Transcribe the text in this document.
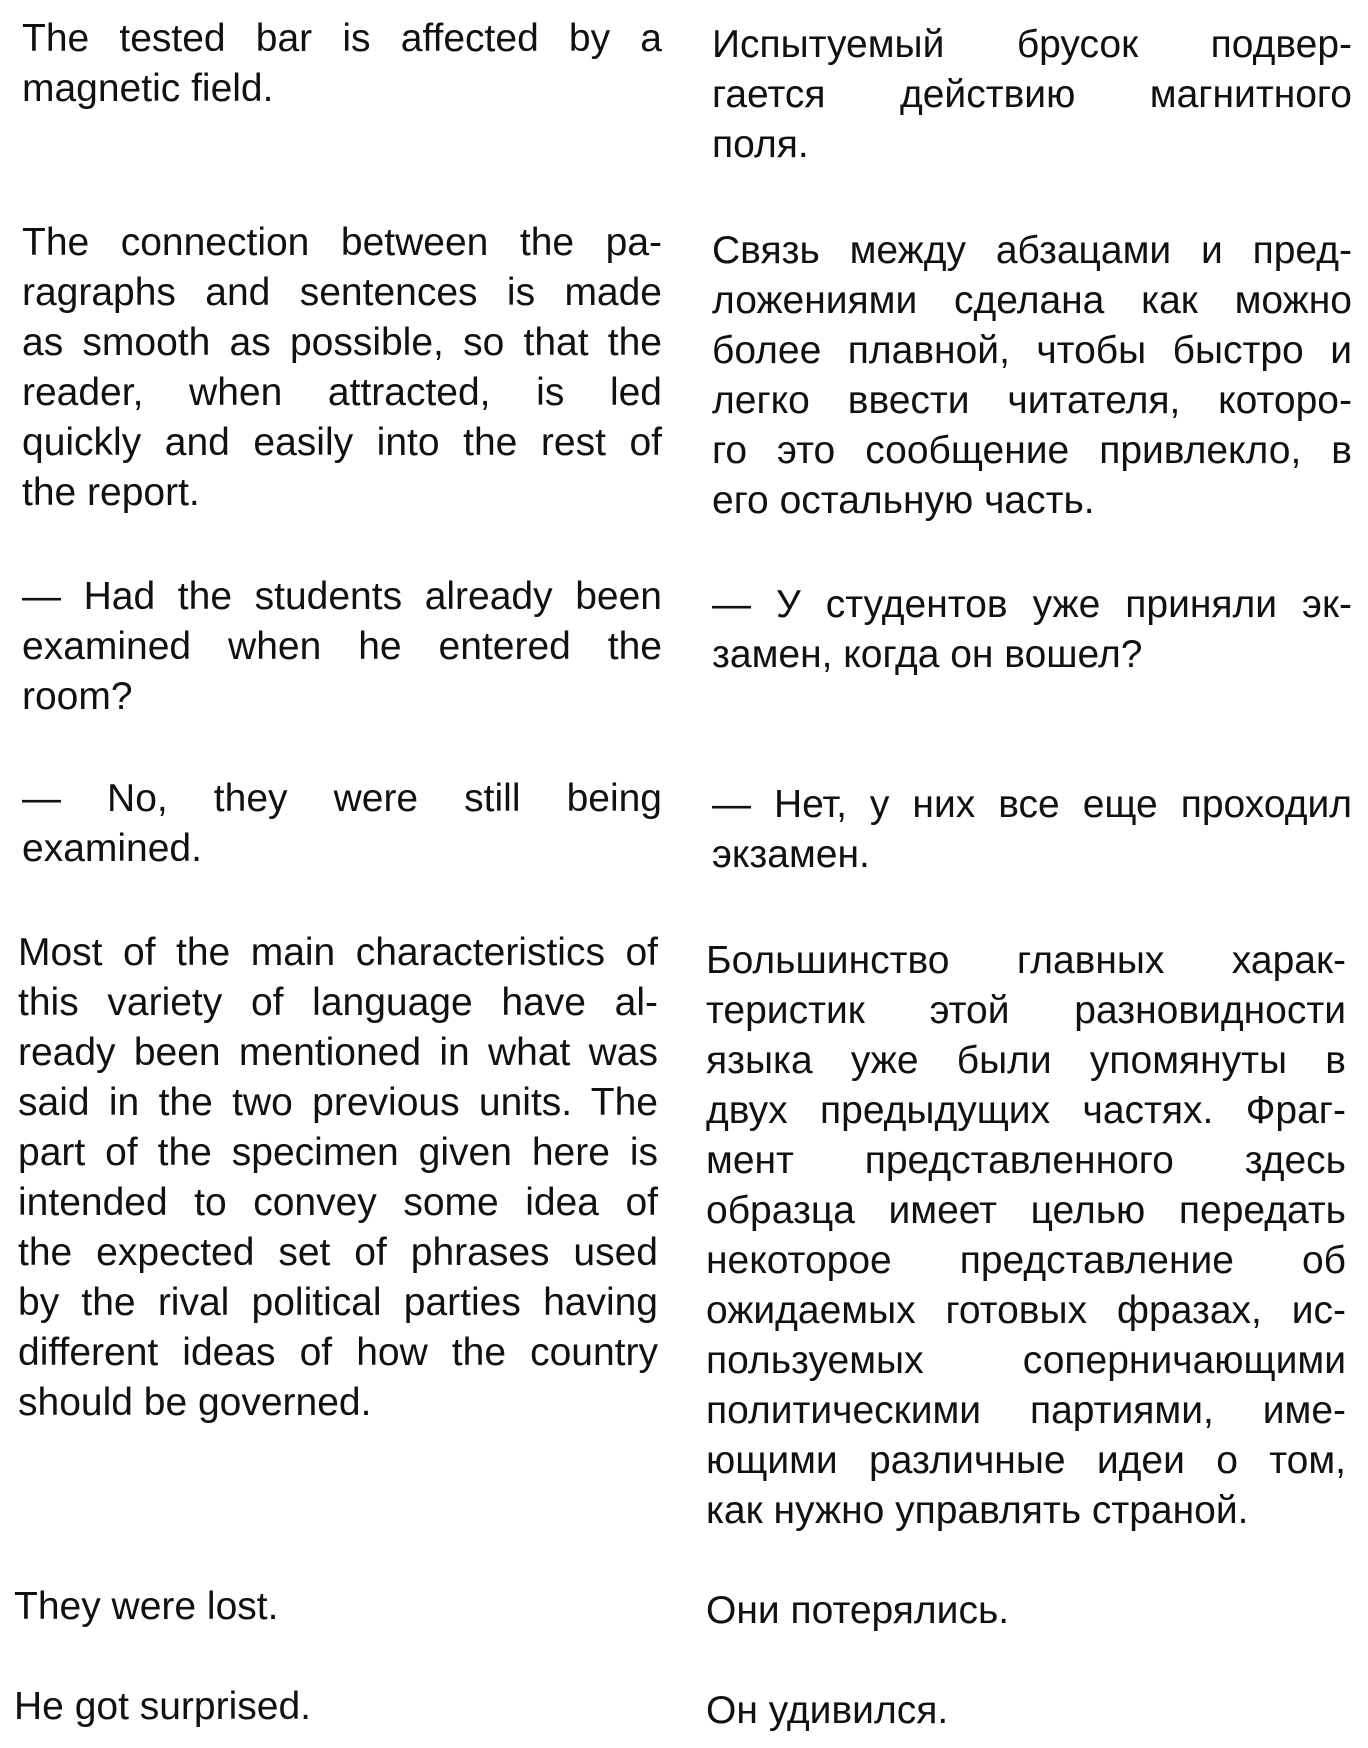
The tested bar is affected by a
magnetic field.
Испытуемый брусок подвер-
гается действию магнитного
поля.
The connection between the pa-
ragraphs and sentences is made
as smooth as possible, so that the
reader, when attracted, is led
quickly and easily into the rest of
the report.
Связь между абзацами и пред-
ложениями сделана как можно
более плавной, чтобы быстро и
легко ввести читателя, которо-
го это сообщение привлекло, в
его остальную часть.
— Had the students already been
examined when he entered the
room?
— У студентов уже приняли эк-
замен, когда он вошел?
— No, they were still being
examined.
— Нет, у них все еще проходил
экзамен.
Most of the main characteristics of
this variety of language have al-
ready been mentioned in what was
said in the two previous units. The
part of the specimen given here is
intended to convey some idea of
the expected set of phrases used
by the rival political parties having
different ideas of how the country
should be governed.
Большинство главных харак-
теристик этой разновидности
языка уже были упомянуты в
двух предыдущих частях. Фраг-
мент представленного здесь
образца имеет целью передать
некоторое представление об
ожидаемых готовых фразах, ис-
пользуемых соперничающими
политическими партиями, име-
ющими различные идеи о том,
как нужно управлять страной.
They were lost.	Они потерялись.
He got surprised.	Он удивился.
